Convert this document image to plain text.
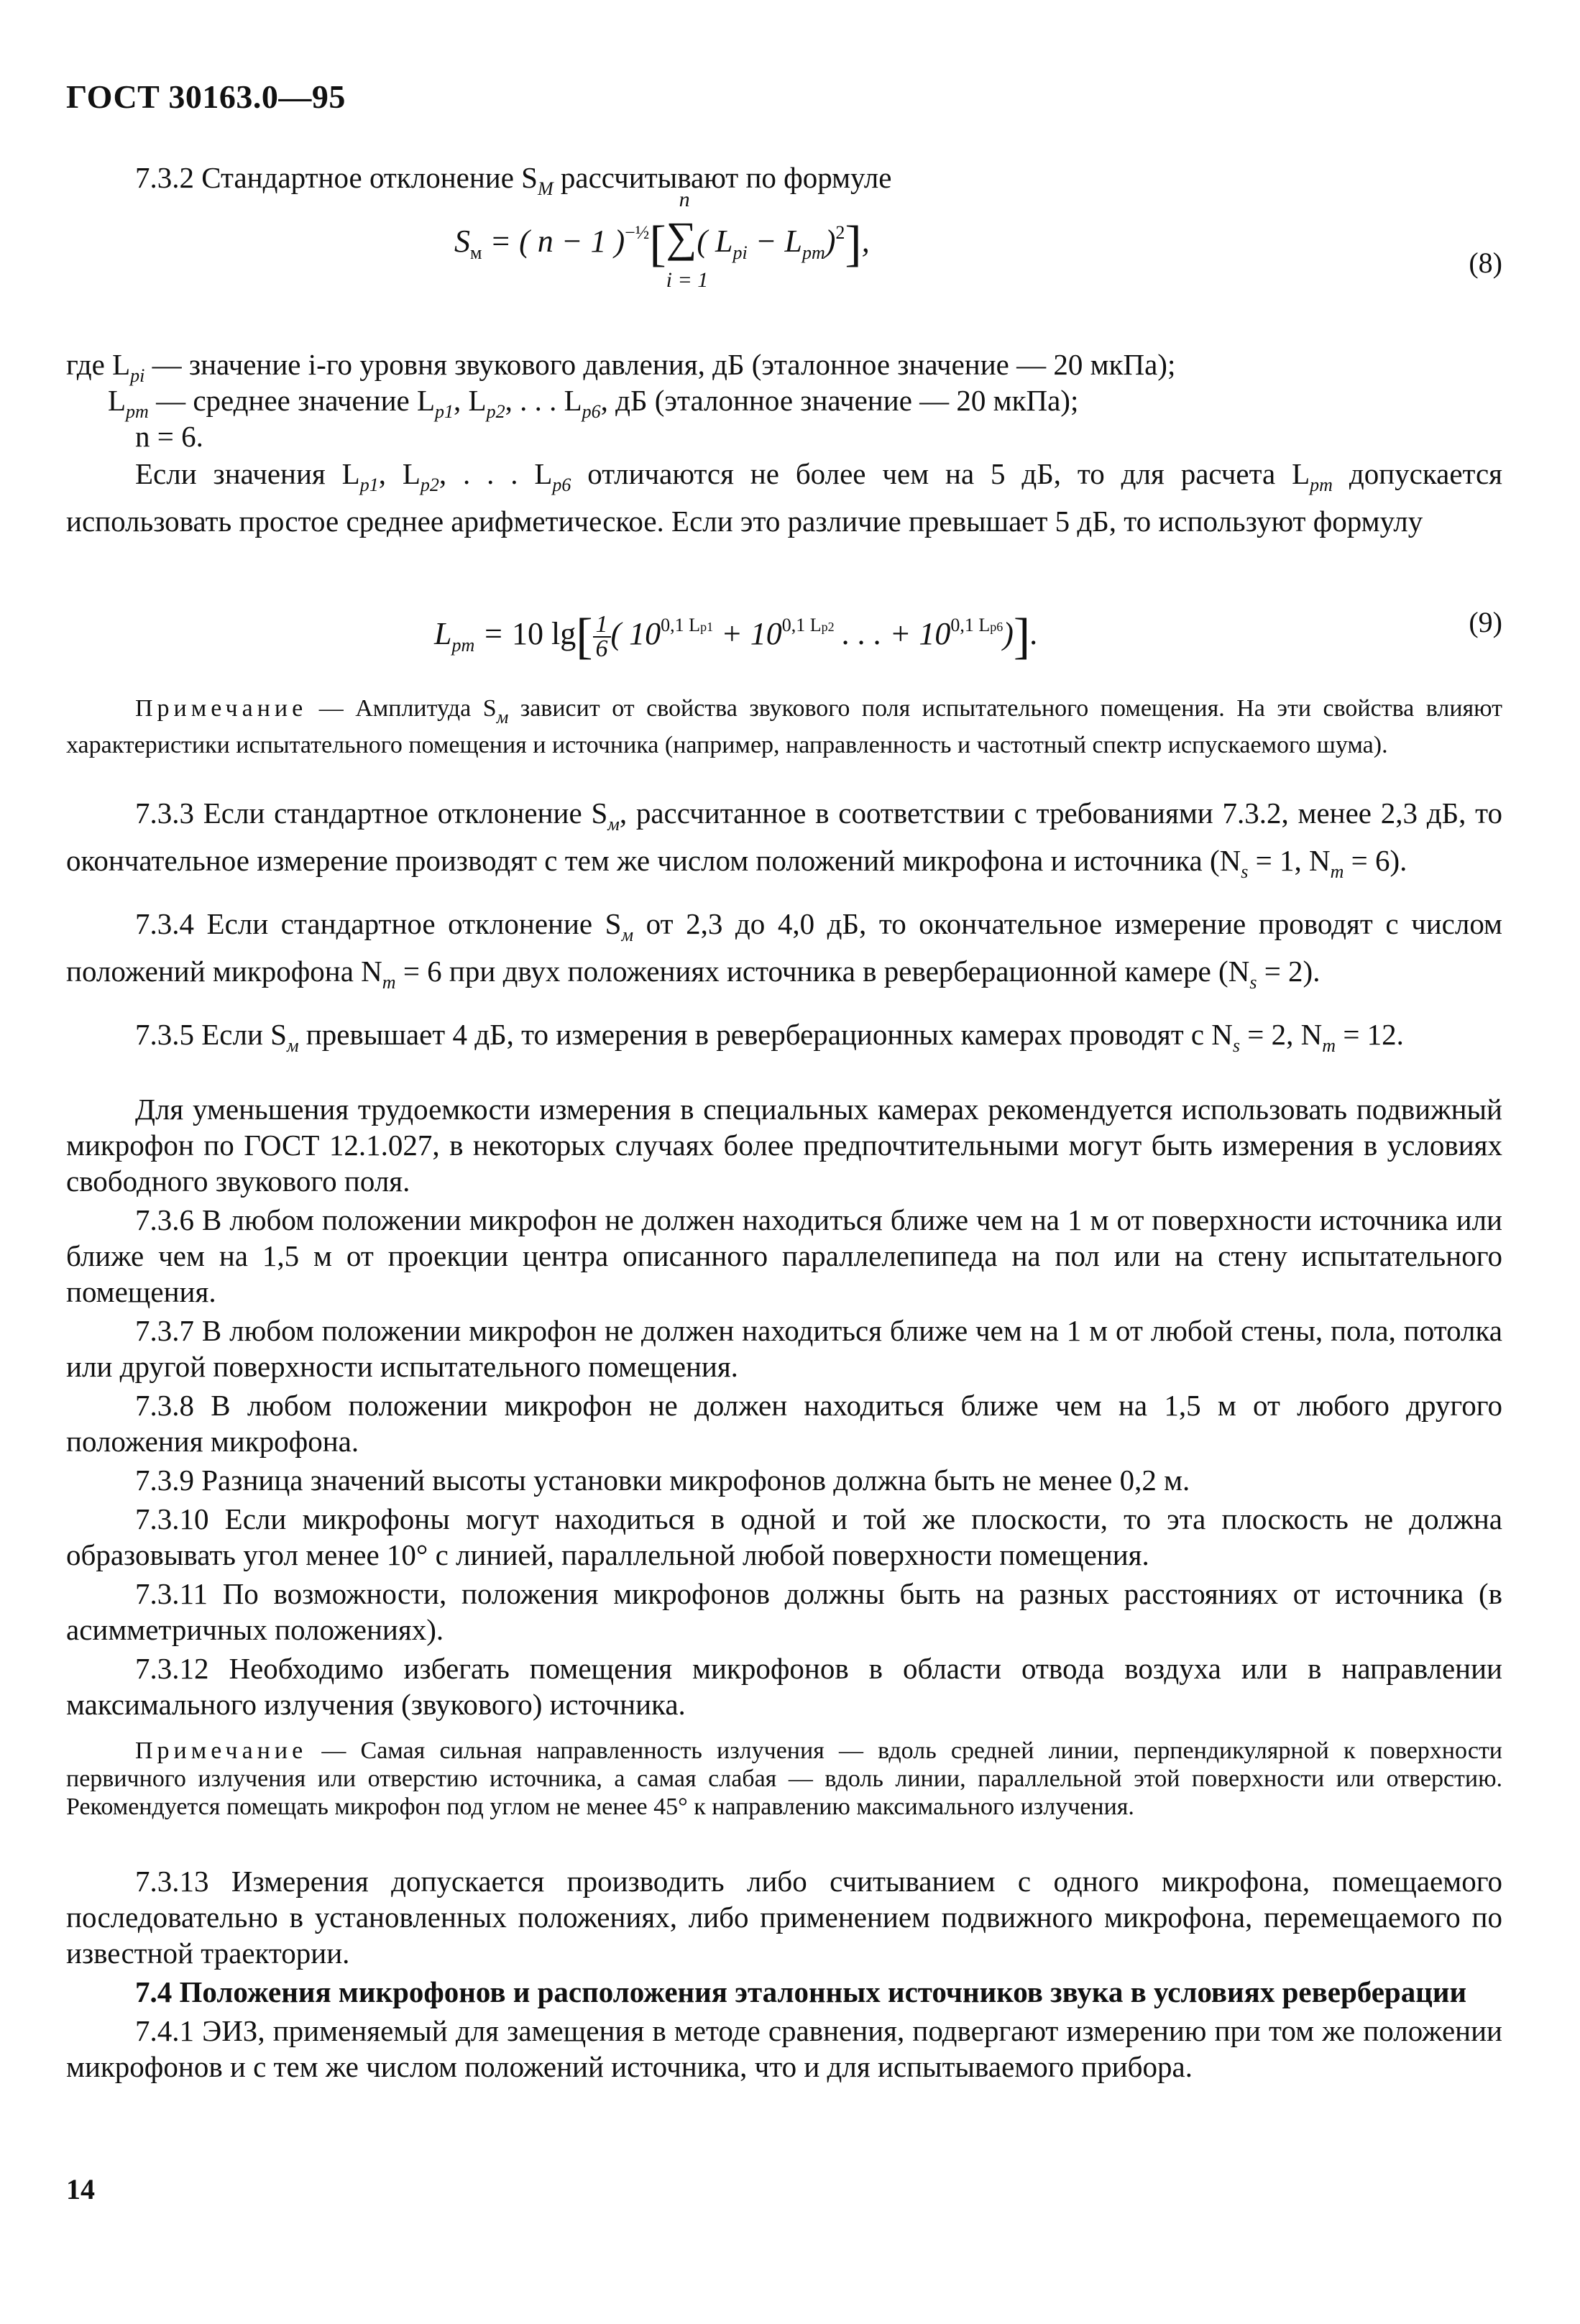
ГОСТ 30163.0—95
7.3.2 Стандартное отклонение $S_М$ рассчитывают по формуле
$S_м$ = ( n − 1 )$^{-\frac{1}{2}}$[
n
∑
i = 1
( $L_{pi} - L_{pm})^2$],
(8)
где $L_{pi}$ — значение i-го уровня звукового давления, дБ (эталонное значение — 20 мкПа);
$L_{pm}$ — среднее значение $L_{p1}$, $L_{p2}$, . . . $L_{p6}$, дБ (эталонное значение — 20 мкПа);
n = 6.
Если значения $L_{p1}$, $L_{p2}$, . . . $L_{p6}$ отличаются не более чем на 5 дБ, то для расчета $L_{pm}$ допускается использовать простое среднее арифметическое. Если это различие превышает 5 дБ, то используют формулу
$L_{pm} = 10$ $\lg[ \frac{1}{6}$ ( $10^{0,1 Lp1} + 10^{0,1 Lp2}$ . . . + $10^{0,1 Lp6}$)].	(9)
Примечание — Амплитуда $S_м$ зависит от свойства звукового поля испытательного помещения. На эти свойства влияют характеристики испытательного помещения и источника (например, направленность и частотный спектр испускаемого шума).
7.3.3 Если стандартное отклонение $S_м$, рассчитанное в соответствии с требованиями 7.3.2, менее 2,3 дБ, то окончательное измерение производят с тем же числом положений микрофона и источника ($N_s = 1$, $N_m = 6$).
7.3.4 Если стандартное отклонение $S_м$ от 2,3 до 4,0 дБ, то окончательное измерение проводят с числом положений микрофона $N_m = 6$ при двух положениях источника в реверберационной камере $(N_s = 2)$.
7.3.5 Если $S_м$ превышает 4 дБ, то измерения в реверберационных камерах проводят с $N_s = 2$, $N_m = 12$.
Для уменьшения трудоемкости измерения в специальных камерах рекомендуется использовать подвижный микрофон по ГОСТ 12.1.027, в некоторых случаях более предпочтительными могут быть измерения в условиях свободного звукового поля.
7.3.6 В любом положении микрофон не должен находиться ближе чем на 1 м от поверхности источника или ближе чем на 1,5 м от проекции центра описанного параллелепипеда на пол или на стену испытательного помещения.
7.3.7 В любом положении микрофон не должен находиться ближе чем на 1 м от любой стены, пола, потолка или другой поверхности испытательного помещения.
7.3.8 В любом положении микрофон не должен находиться ближе чем на 1,5 м от любого другого положения микрофона.
7.3.9 Разница значений высоты установки микрофонов должна быть не менее 0,2 м.
7.3.10 Если микрофоны могут находиться в одной и той же плоскости, то эта плоскость не должна образовывать угол менее 10° с линией, параллельной любой поверхности помещения.
7.3.11 По возможности, положения микрофонов должны быть на разных расстояниях от источника (в асимметричных положениях).
7.3.12 Необходимо избегать помещения микрофонов в области отвода воздуха или в направлении максимального излучения (звукового) источника.
Примечание — Самая сильная направленность излучения — вдоль средней линии, перпендикулярной к поверхности первичного излучения или отверстию источника, а самая слабая — вдоль линии, параллельной этой поверхности или отверстию. Рекомендуется помещать микрофон под углом не менее 45° к направлению максимального излучения.
7.3.13 Измерения допускается производить либо считыванием с одного микрофона, помещаемого последовательно в установленных положениях, либо применением подвижного микрофона, перемещаемого по известной траектории.
7.4 Положения микрофонов и расположения эталонных источников звука в условиях реверберации
7.4.1 ЭИЗ, применяемый для замещения в методе сравнения, подвергают измерению при том же положении микрофонов и с тем же числом положений источника, что и для испытываемого прибора.
14
